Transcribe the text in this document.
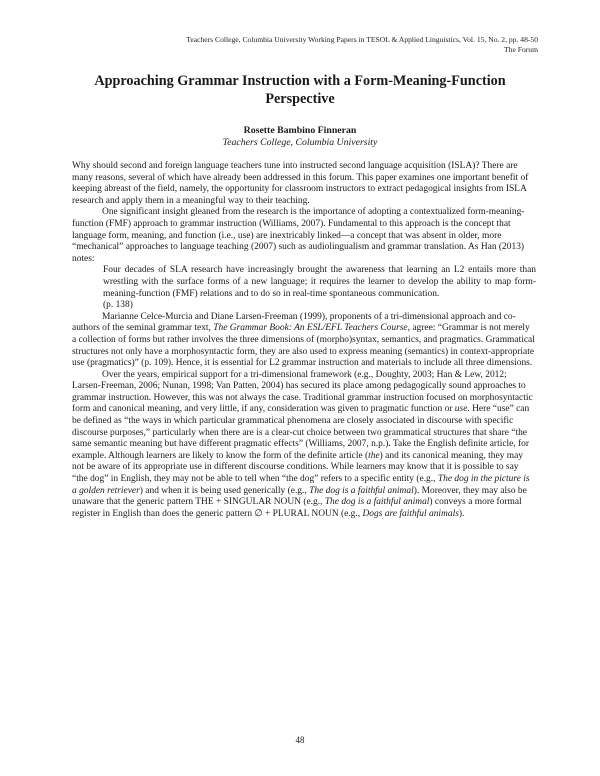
Teachers College, Columbia University Working Papers in TESOL & Applied Linguistics, Vol. 15, No. 2, pp. 48-50
The Forum
Approaching Grammar Instruction with a Form-Meaning-Function
Perspective
Rosette Bambino Finneran
Teachers College, Columbia University

Why should second and foreign language teachers tune into instructed second language acquisition (ISLA)? There are many reasons, several of which have already been addressed in this forum. This paper examines one important benefit of keeping abreast of the field, namely, the opportunity for classroom instructors to extract pedagogical insights from ISLA research and apply them in a meaningful way to their teaching.

One significant insight gleaned from the research is the importance of adopting a contextualized form-meaning-function (FMF) approach to grammar instruction (Williams, 2007). Fundamental to this approach is the concept that language form, meaning, and function (i.e., use) are inextricably linked—a concept that was absent in older, more “mechanical” approaches to language teaching (2007) such as audiolingualism and grammar translation. As Han (2013) notes:

Four decades of SLA research have increasingly brought the awareness that learning an L2 entails more than wrestling with the surface forms of a new language; it requires the learner to develop the ability to map form-meaning-function (FMF) relations and to do so in real-time spontaneous communication.
(p. 138)

Marianne Celce-Murcia and Diane Larsen-Freeman (1999), proponents of a tri-dimensional approach and co-authors of the seminal grammar text, The Grammar Book: An ESL/EFL Teachers Course, agree: “Grammar is not merely a collection of forms but rather involves the three dimensions of (morpho)syntax, semantics, and pragmatics. Grammatical structures not only have a morphosyntactic form, they are also used to express meaning (semantics) in context-appropriate use (pragmatics)” (p. 109). Hence, it is essential for L2 grammar instruction and materials to include all three dimensions.

Over the years, empirical support for a tri-dimensional framework (e.g., Doughty, 2003; Han & Lew, 2012; Larsen-Freeman, 2006; Nunan, 1998; Van Patten, 2004) has secured its place among pedagogically sound approaches to grammar instruction. However, this was not always the case. Traditional grammar instruction focused on morphosyntactic form and canonical meaning, and very little, if any, consideration was given to pragmatic function or use. Here “use” can be defined as “the ways in which particular grammatical phenomena are closely associated in discourse with specific discourse purposes,” particularly when there are is a clear-cut choice between two grammatical structures that share “the same semantic meaning but have different pragmatic effects” (Williams, 2007, n.p.). Take the English definite article, for example. Although learners are likely to know the form of the definite article (the) and its canonical meaning, they may not be aware of its appropriate use in different discourse conditions. While learners may know that it is possible to say “the dog” in English, they may not be able to tell when “the dog” refers to a specific entity (e.g., The dog in the picture is a golden retriever) and when it is being used generically (e.g., The dog is a faithful animal). Moreover, they may also be unaware that the generic pattern THE + SINGULAR NOUN (e.g., The dog is a faithful animal) conveys a more formal register in English than does the generic pattern ∅ + PLURAL NOUN (e.g., Dogs are faithful animals).

48
